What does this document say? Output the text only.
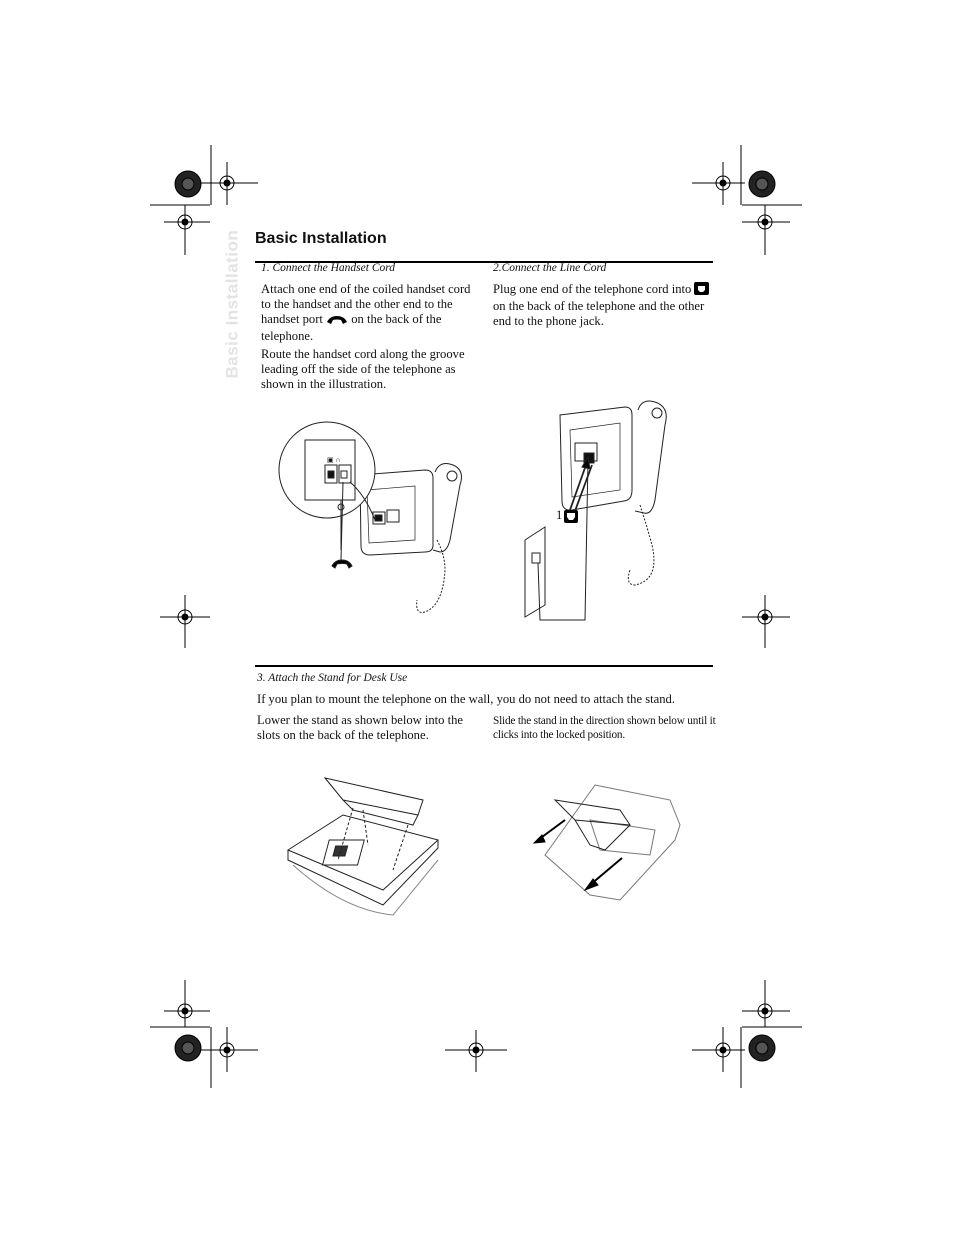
Basic Installation Basic Installation
1. Connect the Handset Cord
Attach one end of the coiled handset cord to the handset and the other end to the handset port on the back of the telephone.
Route the handset cord along the groove leading off the side of the telephone as shown in the illustration.
2.Connect the Line Cord
Plug one end of the telephone cord into  on the back of the telephone and the other end to the phone jack.
▣ ∩
1
3. Attach the Stand for Desk Use
If you plan to mount the telephone on the wall, you do not need to attach the stand.
Lower the stand as shown below into the slots on the back of the telephone.
Slide the stand in the direction shown below until it clicks into the locked position.
